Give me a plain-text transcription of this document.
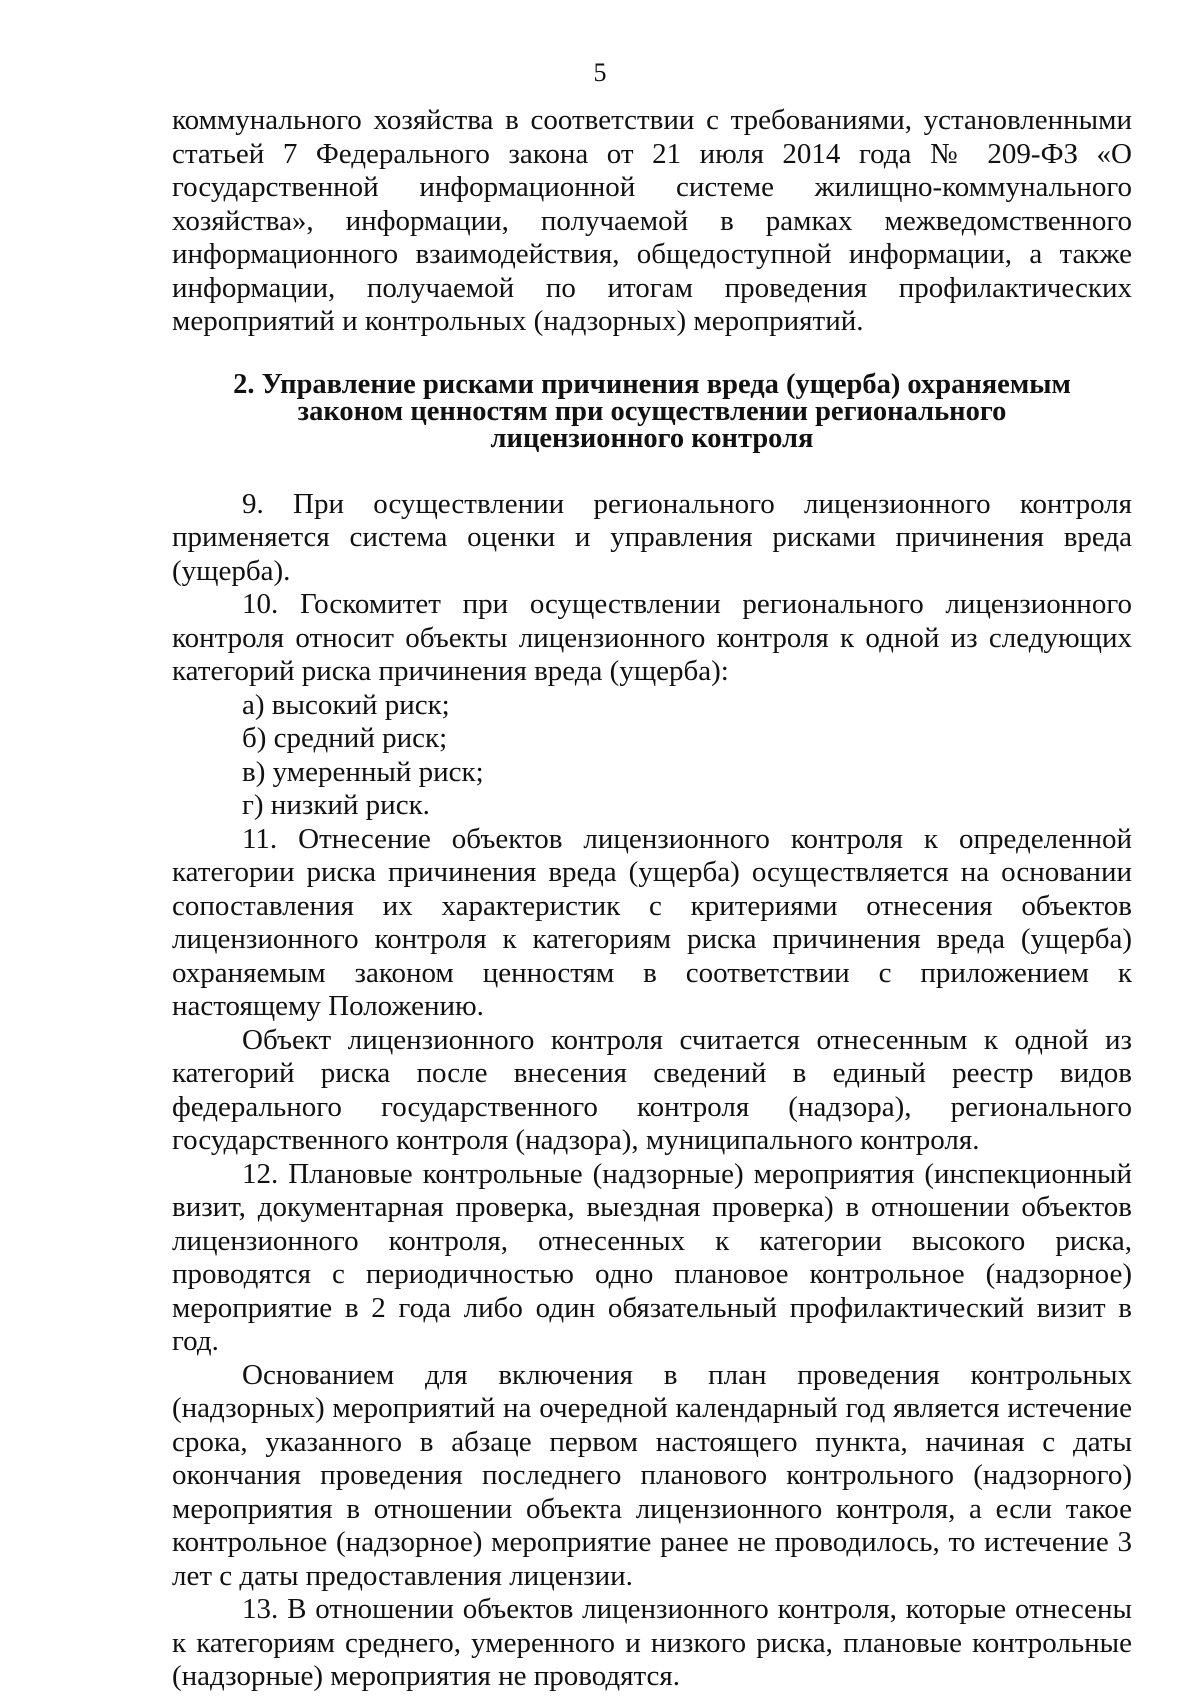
5

коммунального хозяйства в соответствии с требованиями, установленными статьей 7 Федерального закона от 21 июля 2014 года № 209-ФЗ «О государственной информационной системе жилищно-коммунального хозяйства», информации, получаемой в рамках межведомственного информационного взаимодействия, общедоступной информации, а также информации, получаемой по итогам проведения профилактических мероприятий и контрольных (надзорных) мероприятий.

2. Управление рисками причинения вреда (ущерба) охраняемым
законом ценностям при осуществлении регионального
лицензионного контроля

9. При осуществлении регионального лицензионного контроля применяется система оценки и управления рисками причинения вреда (ущерба).

10. Госкомитет при осуществлении регионального лицензионного контроля относит объекты лицензионного контроля к одной из следующих категорий риска причинения вреда (ущерба):

а) высокий риск;

б) средний риск;

в) умеренный риск;

г) низкий риск.

11. Отнесение объектов лицензионного контроля к определенной категории риска причинения вреда (ущерба) осуществляется на основании сопоставления их характеристик с критериями отнесения объектов лицензионного контроля к категориям риска причинения вреда (ущерба) охраняемым законом ценностям в соответствии с приложением к настоящему Положению.

Объект лицензионного контроля считается отнесенным к одной из категорий риска после внесения сведений в единый реестр видов федерального государственного контроля (надзора), регионального государственного контроля (надзора), муниципального контроля.

12. Плановые контрольные (надзорные) мероприятия (инспекционный визит, документарная проверка, выездная проверка) в отношении объектов лицензионного контроля, отнесенных к категории высокого риска, проводятся с периодичностью одно плановое контрольное (надзорное) мероприятие в 2 года либо один обязательный профилактический визит в год.

Основанием для включения в план проведения контрольных (надзорных) мероприятий на очередной календарный год является истечение срока, указанного в абзаце первом настоящего пункта, начиная с даты окончания проведения последнего планового контрольного (надзорного) мероприятия в отношении объекта лицензионного контроля, а если такое контрольное (надзорное) мероприятие ранее не проводилось, то истечение 3 лет с даты предоставления лицензии.

13. В отношении объектов лицензионного контроля, которые отнесены к категориям среднего, умеренного и низкого риска, плановые контрольные (надзорные) мероприятия не проводятся.
